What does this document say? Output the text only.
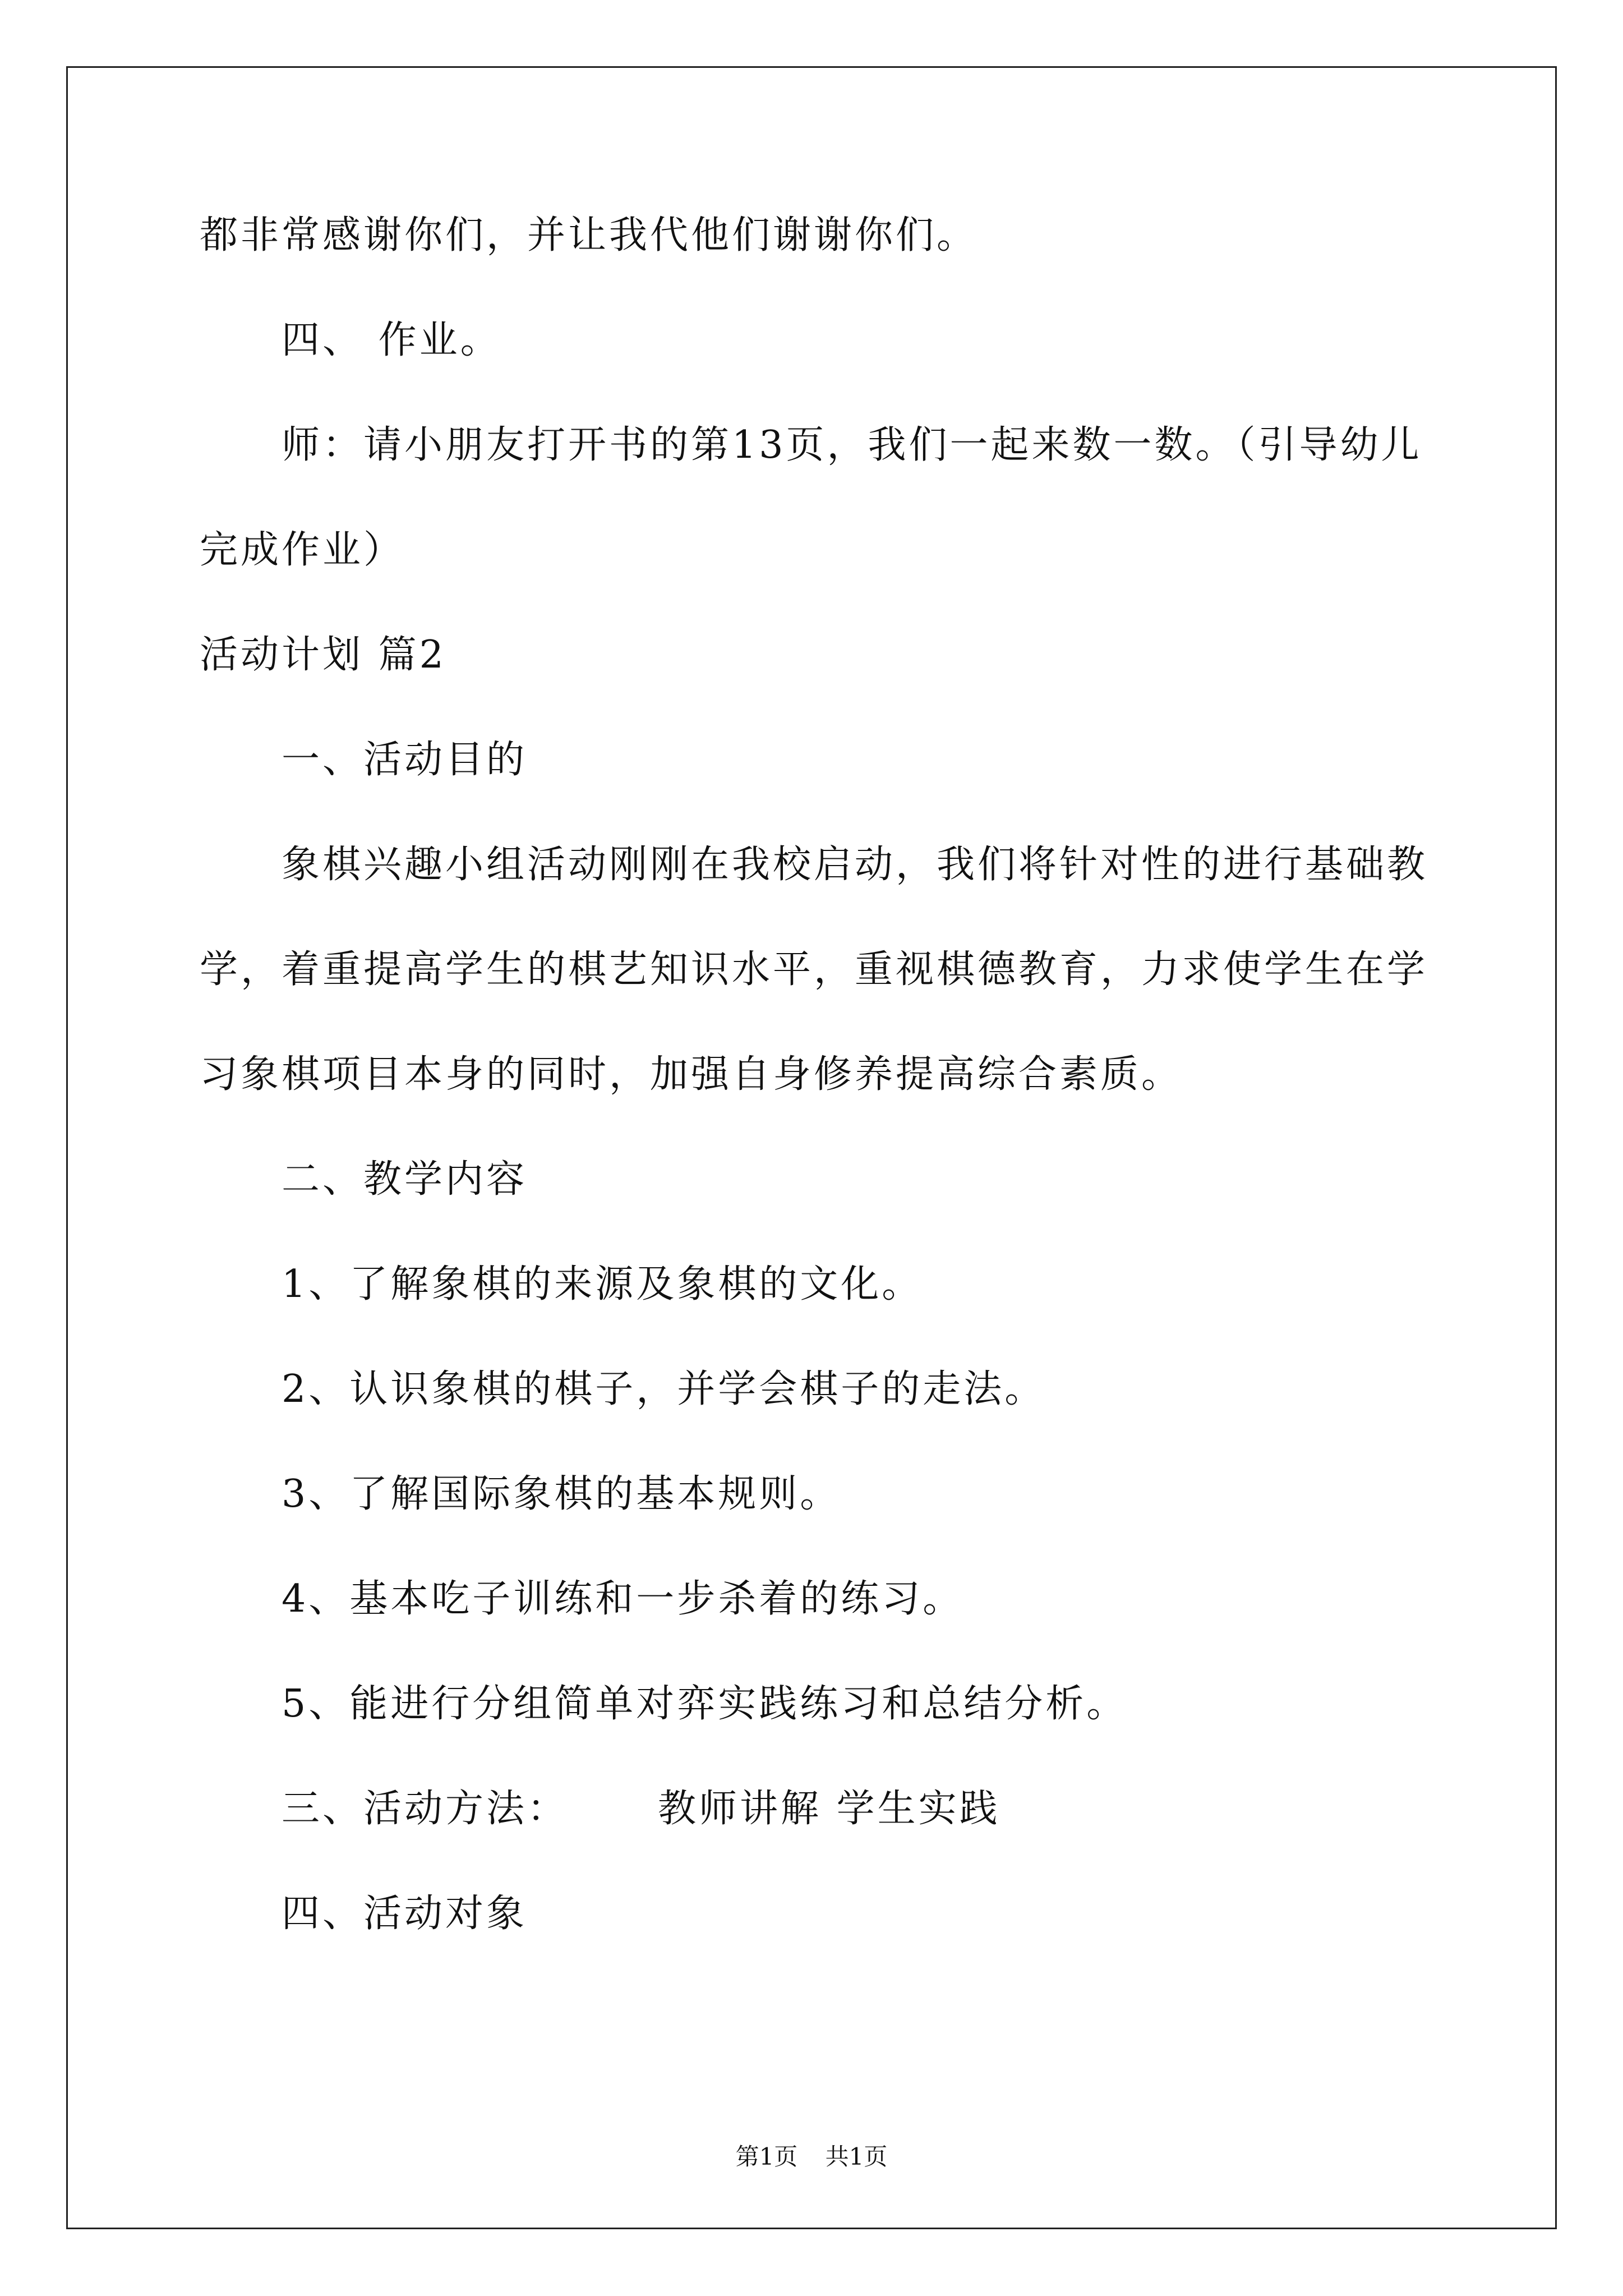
都非常感谢你们，并让我代他们谢谢你们。
四、 作业。
师：请小朋友打开书的第13页，我们一起来数一数。（引导幼儿
完成作业）
活动计划 篇2
一、活动目的
象棋兴趣小组活动刚刚在我校启动，我们将针对性的进行基础教
学，着重提高学生的棋艺知识水平，重视棋德教育，力求使学生在学
习象棋项目本身的同时，加强自身修养提高综合素质。
二、教学内容
1、了解象棋的来源及象棋的文化。
2、认识象棋的棋子，并学会棋子的走法。
3、了解国际象棋的基本规则。
4、基本吃子训练和一步杀着的练习。
5、能进行分组简单对弈实践练习和总结分析。
三、活动方法： 教师讲解 学生实践
四、活动对象
第1页 共1页
